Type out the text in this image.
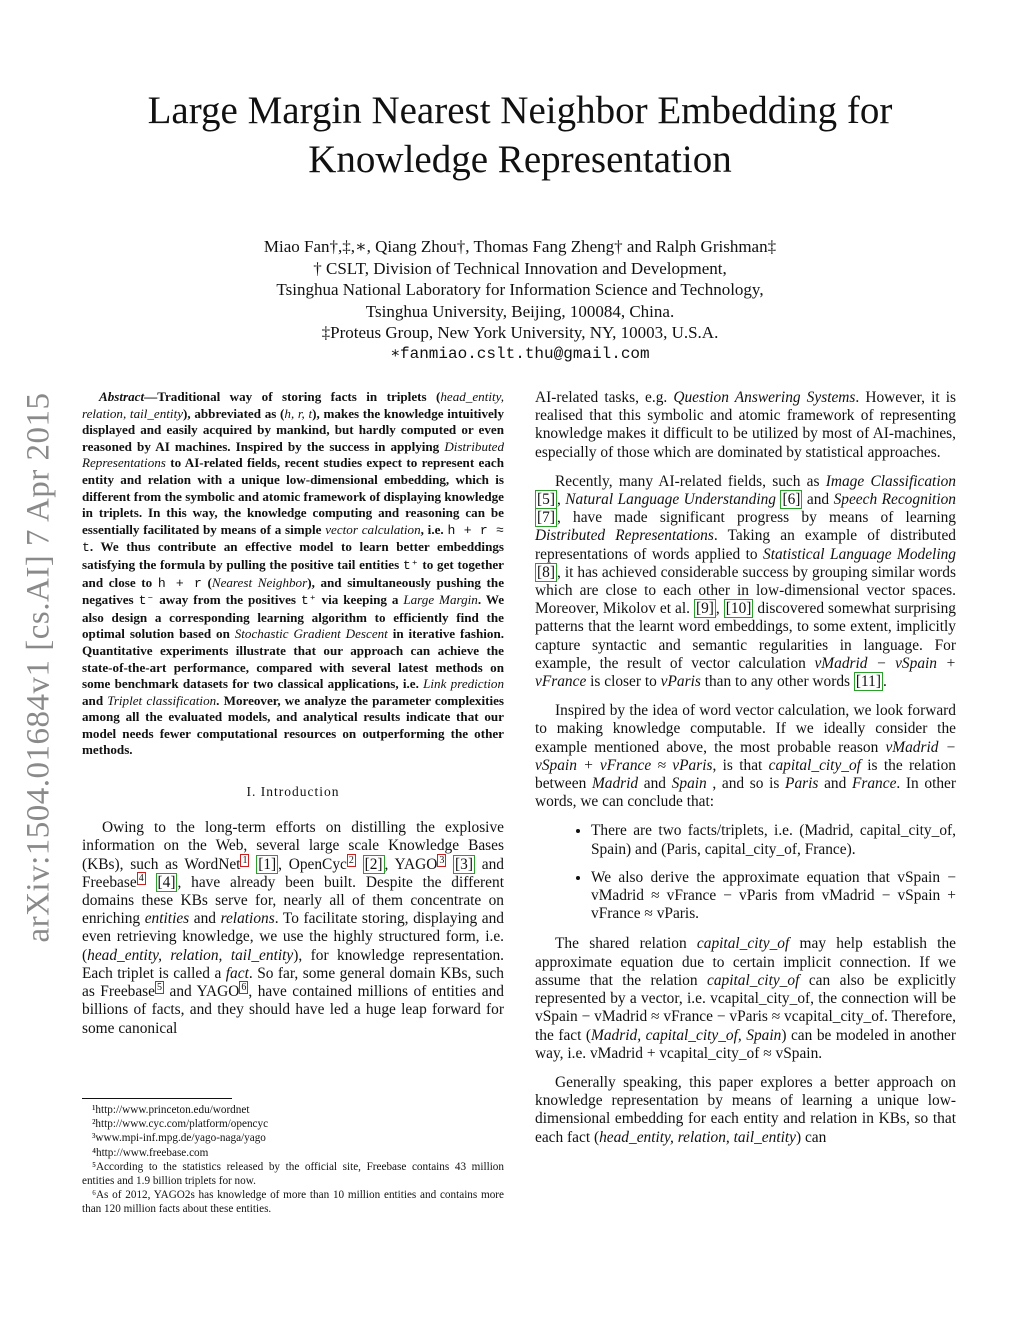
arXiv:1504.01684v1 [cs.AI] 7 Apr 2015
Large Margin Nearest Neighbor Embedding for Knowledge Representation
Miao Fan†,‡,∗, Qiang Zhou†, Thomas Fang Zheng† and Ralph Grishman‡
† CSLT, Division of Technical Innovation and Development,
Tsinghua National Laboratory for Information Science and Technology,
Tsinghua University, Beijing, 100084, China.
‡Proteus Group, New York University, NY, 10003, U.S.A.
∗fanmiao.cslt.thu@gmail.com

Abstract—Traditional way of storing facts in triplets (head_entity, relation, tail_entity), abbreviated as (h, r, t), makes the knowledge intuitively displayed and easily acquired by mankind, but hardly computed or even reasoned by AI machines. Inspired by the success in applying Distributed Representations to AI-related fields, recent studies expect to represent each entity and relation with a unique low-dimensional embedding, which is different from the symbolic and atomic framework of displaying knowledge in triplets. In this way, the knowledge computing and reasoning can be essentially facilitated by means of a simple vector calculation, i.e. h + r ≈ t. We thus contribute an effective model to learn better embeddings satisfying the formula by pulling the positive tail entities t⁺ to get together and close to h + r (Nearest Neighbor), and simultaneously pushing the negatives t⁻ away from the positives t⁺ via keeping a Large Margin. We also design a corresponding learning algorithm to efficiently find the optimal solution based on Stochastic Gradient Descent in iterative fashion. Quantitative experiments illustrate that our approach can achieve the state-of-the-art performance, compared with several latest methods on some benchmark datasets for two classical applications, i.e. Link prediction and Triplet classification. Moreover, we analyze the parameter complexities among all the evaluated models, and analytical results indicate that our model needs fewer computational resources on outperforming the other methods.

I. Introduction

Owing to the long-term efforts on distilling the explosive information on the Web, several large scale Knowledge Bases (KBs), such as WordNet $^1$ [1] , OpenCyc $^2$ [2] , YAGO $^3$ [3] and Freebase $^4$ [4] , have already been built. Despite the different domains these KBs serve for, nearly all of them concentrate on enriching entities and relations. To facilitate storing, displaying and even retrieving knowledge, we use the highly structured form, i.e. (head_entity, relation, tail_entity), for knowledge representation. Each triplet is called a fact. So far, some general domain KBs, such as Freebase $^5$ and YAGO $^6$ , have contained millions of entities and billions of facts, and they should have led a huge leap forward for some canonical

¹http://www.princeton.edu/wordnet

²http://www.cyc.com/platform/opencyc

³www.mpi-inf.mpg.de/yago-naga/yago

⁴http://www.freebase.com

⁵According to the statistics released by the official site, Freebase contains 43 million entities and 1.9 billion triplets for now.

⁶As of 2012, YAGO2s has knowledge of more than 10 million entities and contains more than 120 million facts about these entities.

AI-related tasks, e.g. Question Answering Systems. However, it is realised that this symbolic and atomic framework of representing knowledge makes it difficult to be utilized by most of AI-machines, especially of those which are dominated by statistical approaches.

Recently, many AI-related fields, such as Image Classification [5] , Natural Language Understanding [6] and Speech Recognition [7] , have made significant progress by means of learning Distributed Representations. Taking an example of distributed representations of words applied to Statistical Language Modeling [8] , it has achieved considerable success by grouping similar words which are close to each other in low-dimensional vector spaces. Moreover, Mikolov et al. [9] , [10] discovered somewhat surprising patterns that the learnt word embeddings, to some extent, implicitly capture syntactic and semantic regularities in language. For example, the result of vector calculation vMadrid − vSpain + vFrance is closer to vParis than to any other words [11] .

Inspired by the idea of word vector calculation, we look forward to making knowledge computable. If we ideally consider the example mentioned above, the most probable reason vMadrid − vSpain + vFrance ≈ vParis, is that capital_city_of is the relation between Madrid and Spain , and so is Paris and France. In other words, we can conclude that:

• There are two facts/triplets, i.e. (Madrid, capital_city_of, Spain) and (Paris, capital_city_of, France).
• We also derive the approximate equation that vSpain − vMadrid ≈ vFrance − vParis from vMadrid − vSpain + vFrance ≈ vParis.

The shared relation capital_city_of may help establish the approximate equation due to certain implicit connection. If we assume that the relation capital_city_of can also be explicitly represented by a vector, i.e. vcapital_city_of, the connection will be vSpain − vMadrid ≈ vFrance − vParis ≈ vcapital_city_of. Therefore, the fact (Madrid, capital_city_of, Spain) can be modeled in another way, i.e. vMadrid + vcapital_city_of ≈ vSpain.

Generally speaking, this paper explores a better approach on knowledge representation by means of learning a unique low-dimensional embedding for each entity and relation in KBs, so that each fact (head_entity, relation, tail_entity) can
